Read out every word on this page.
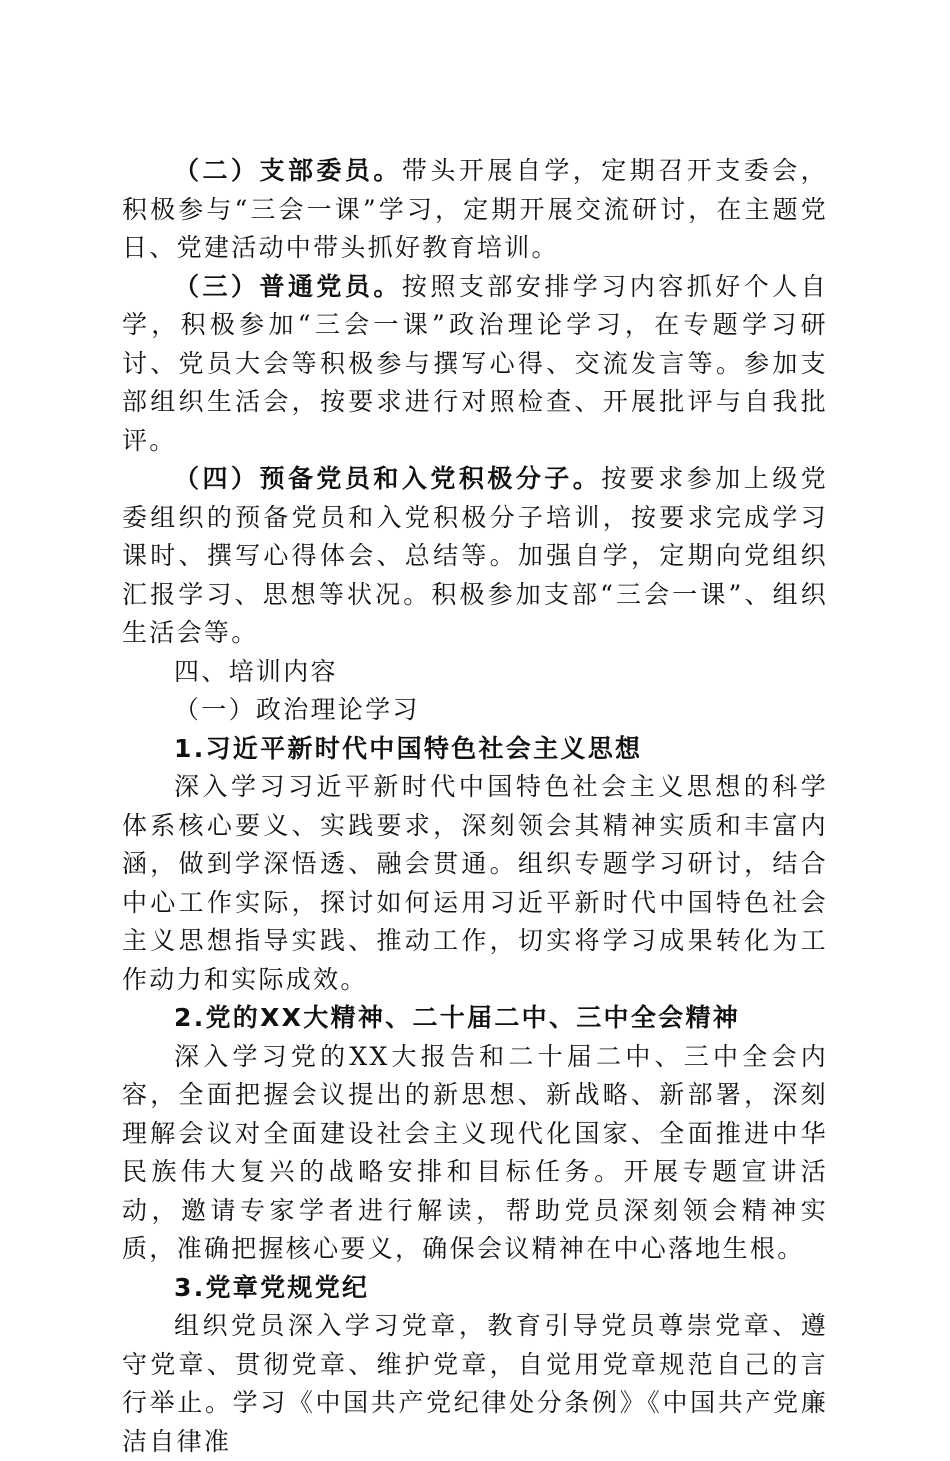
（二）支部委员。带头开展自学，定期召开支委会，积极参与“三会一课”学习，定期开展交流研讨，在主题党日、党建活动中带头抓好教育培训。

（三）普通党员。按照支部安排学习内容抓好个人自学，积极参加“三会一课”政治理论学习，在专题学习研讨、党员大会等积极参与撰写心得、交流发言等。参加支部组织生活会，按要求进行对照检查、开展批评与自我批评。

（四）预备党员和入党积极分子。按要求参加上级党委组织的预备党员和入党积极分子培训，按要求完成学习课时、撰写心得体会、总结等。加强自学，定期向党组织汇报学习、思想等状况。积极参加支部“三会一课”、组织生活会等。

四、培训内容

（一）政治理论学习

1.习近平新时代中国特色社会主义思想

深入学习习近平新时代中国特色社会主义思想的科学体系核心要义、实践要求，深刻领会其精神实质和丰富内涵，做到学深悟透、融会贯通。组织专题学习研讨，结合中心工作实际，探讨如何运用习近平新时代中国特色社会主义思想指导实践、推动工作，切实将学习成果转化为工作动力和实际成效。

2.党的XX大精神、二十届二中、三中全会精神

深入学习党的XX大报告和二十届二中、三中全会内容，全面把握会议提出的新思想、新战略、新部署，深刻理解会议对全面建设社会主义现代化国家、全面推进中华民族伟大复兴的战略安排和目标任务。开展专题宣讲活动，邀请专家学者进行解读，帮助党员深刻领会精神实质，准确把握核心要义，确保会议精神在中心落地生根。

3.党章党规党纪

组织党员深入学习党章，教育引导党员尊崇党章、遵守党章、贯彻党章、维护党章，自觉用党章规范自己的言行举止。学习《中国共产党纪律处分条例》《中国共产党廉洁自律准
